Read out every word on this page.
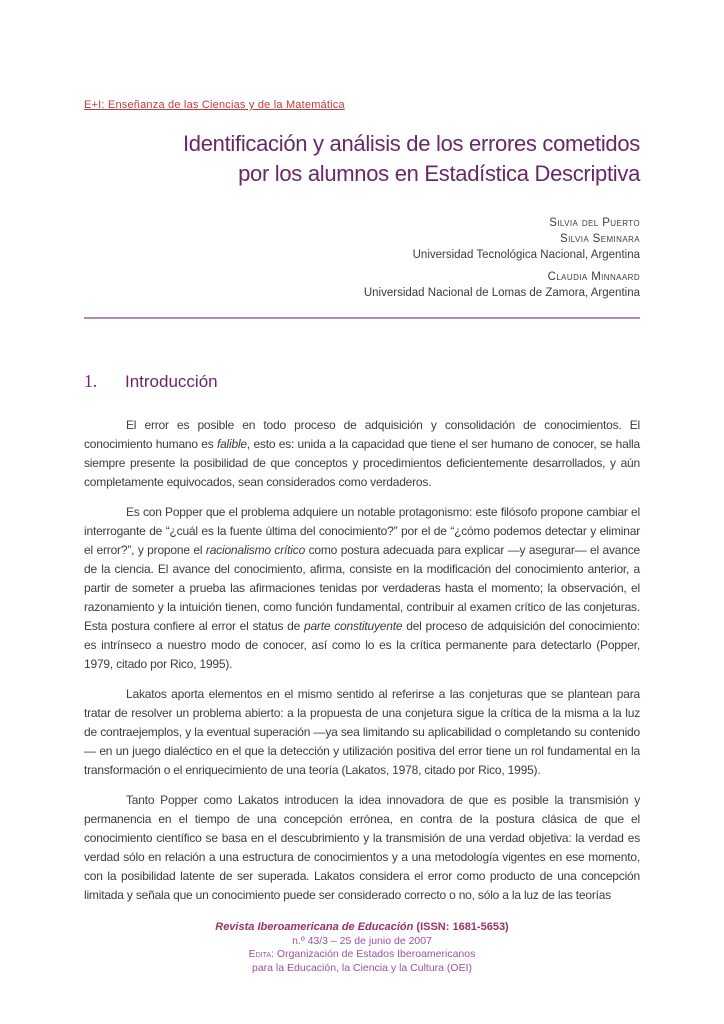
E+I: Enseñanza de las Ciencias y de la Matemática
Identificación y análisis de los errores cometidos
por los alumnos en Estadística Descriptiva
Silvia del Puerto
Silvia Seminara
Universidad Tecnológica Nacional, Argentina
Claudia Minnaard
Universidad Nacional de Lomas de Zamora, Argentina
1. Introducción

El error es posible en todo proceso de adquisición y consolidación de conocimientos. El conocimiento humano es falible, esto es: unida a la capacidad que tiene el ser humano de conocer, se halla siempre presente la posibilidad de que conceptos y procedimientos deficientemente desarrollados, y aún completamente equivocados, sean considerados como verdaderos.

Es con Popper que el problema adquiere un notable protagonismo: este filósofo propone cambiar el interrogante de “¿cuál es la fuente última del conocimiento?” por el de “¿cómo podemos detectar y eliminar el error?”, y propone el racionalismo crítico como postura adecuada para explicar —y asegurar— el avance de la ciencia. El avance del conocimiento, afirma, consiste en la modificación del conocimiento anterior, a partir de someter a prueba las afirmaciones tenidas por verdaderas hasta el momento; la observación, el razonamiento y la intuición tienen, como función fundamental, contribuir al examen crítico de las conjeturas. Esta postura confiere al error el status de parte constituyente del proceso de adquisición del conocimiento: es intrínseco a nuestro modo de conocer, así como lo es la crítica permanente para detectarlo (Popper, 1979, citado por Rico, 1995).

Lakatos aporta elementos en el mismo sentido al referirse a las conjeturas que se plantean para tratar de resolver un problema abierto: a la propuesta de una conjetura sigue la crítica de la misma a la luz de contraejemplos, y la eventual superación —ya sea limitando su aplicabilidad o completando su contenido— en un juego dialéctico en el que la detección y utilización positiva del error tiene un rol fundamental en la transformación o el enriquecimiento de una teoría (Lakatos, 1978, citado por Rico, 1995).

Tanto Popper como Lakatos introducen la idea innovadora de que es posible la transmisión y permanencia en el tiempo de una concepción errónea, en contra de la postura clásica de que el conocimiento científico se basa en el descubrimiento y la transmisión de una verdad objetiva: la verdad es verdad sólo en relación a una estructura de conocimientos y a una metodología vigentes en ese momento, con la posibilidad latente de ser superada. Lakatos considera el error como producto de una concepción limitada y señala que un conocimiento puede ser considerado correcto o no, sólo a la luz de las teorías

Revista Iberoamericana de Educación (ISSN: 1681-5653)
n.º 43/3 – 25 de junio de 2007
Edita: Organización de Estados Iberoamericanos
para la Educación, la Ciencia y la Cultura (OEI)
